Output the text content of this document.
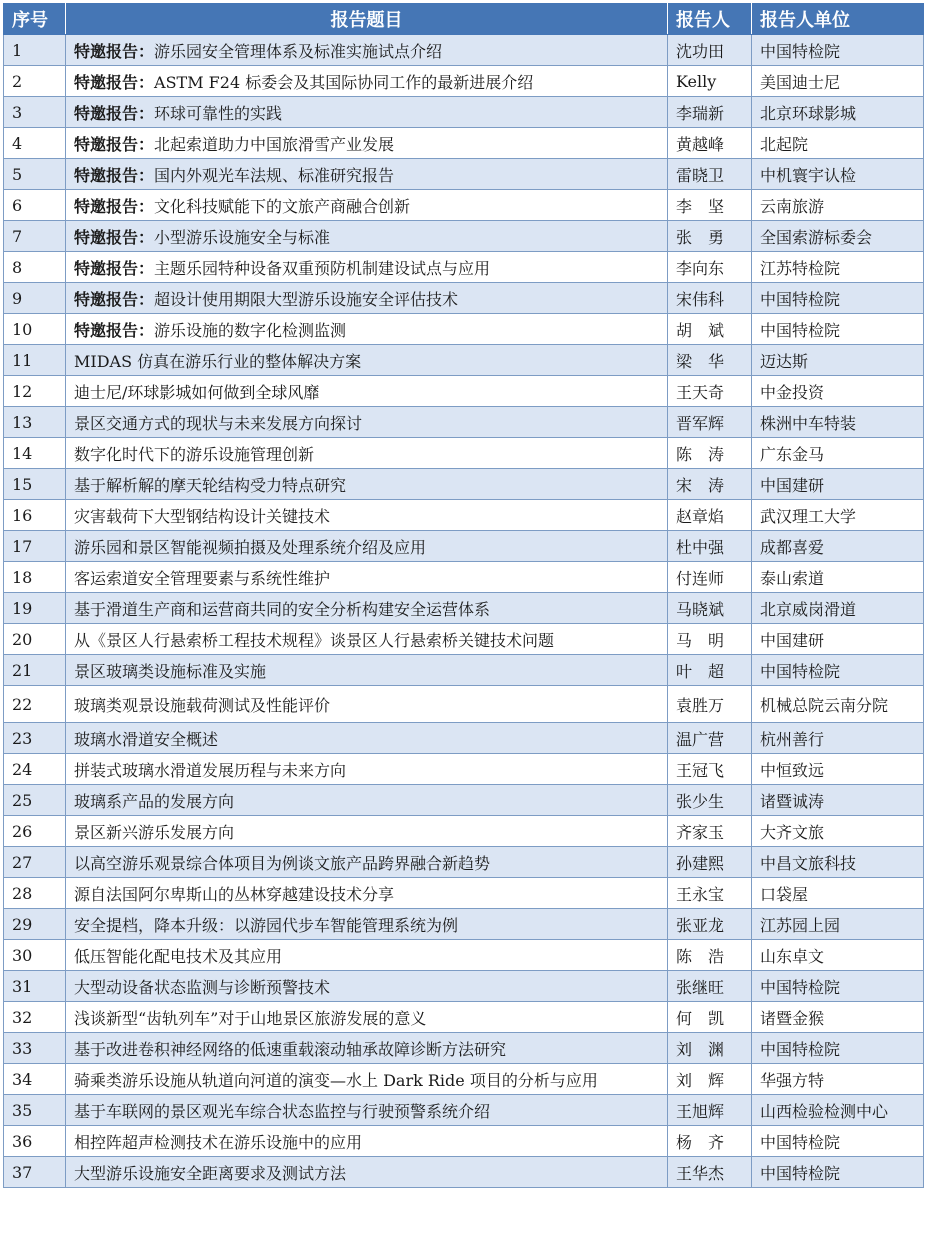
序号	报告题目	报告人	报告人单位
1	特邀报告：游乐园安全管理体系及标准实施试点介绍	沈功田	中国特检院
2	特邀报告：ASTM F24 标委会及其国际协同工作的最新进展介绍	Kelly	美国迪士尼
3	特邀报告：环球可靠性的实践	李瑞新	北京环球影城
4	特邀报告：北起索道助力中国旅滑雪产业发展	黄越峰	北起院
5	特邀报告：国内外观光车法规、标准研究报告	雷晓卫	中机寰宇认检
6	特邀报告：文化科技赋能下的文旅产商融合创新	李　坚	云南旅游
7	特邀报告：小型游乐设施安全与标准	张　勇	全国索游标委会
8	特邀报告：主题乐园特种设备双重预防机制建设试点与应用	李向东	江苏特检院
9	特邀报告：超设计使用期限大型游乐设施安全评估技术	宋伟科	中国特检院
10	特邀报告：游乐设施的数字化检测监测	胡　斌	中国特检院
11	MIDAS 仿真在游乐行业的整体解决方案	梁　华	迈达斯
12	迪士尼/环球影城如何做到全球风靡	王天奇	中金投资
13	景区交通方式的现状与未来发展方向探讨	晋军辉	株洲中车特装
14	数字化时代下的游乐设施管理创新	陈　涛	广东金马
15	基于解析解的摩天轮结构受力特点研究	宋　涛	中国建研
16	灾害载荷下大型钢结构设计关键技术	赵章焰	武汉理工大学
17	游乐园和景区智能视频拍摄及处理系统介绍及应用	杜中强	成都喜爱
18	客运索道安全管理要素与系统性维护	付连师	泰山索道
19	基于滑道生产商和运营商共同的安全分析构建安全运营体系	马晓斌	北京威岗滑道
20	从《景区人行悬索桥工程技术规程》谈景区人行悬索桥关键技术问题	马　明	中国建研
21	景区玻璃类设施标准及实施	叶　超	中国特检院
22	玻璃类观景设施载荷测试及性能评价	袁胜万	机械总院云南分院
23	玻璃水滑道安全概述	温广营	杭州善行
24	拼装式玻璃水滑道发展历程与未来方向	王冠飞	中恒致远
25	玻璃系产品的发展方向	张少生	诸暨诚涛
26	景区新兴游乐发展方向	齐家玉	大齐文旅
27	以高空游乐观景综合体项目为例谈文旅产品跨界融合新趋势	孙建熙	中昌文旅科技
28	源自法国阿尔卑斯山的丛林穿越建设技术分享	王永宝	口袋屋
29	安全提档，降本升级：以游园代步车智能管理系统为例	张亚龙	江苏园上园
30	低压智能化配电技术及其应用	陈　浩	山东卓文
31	大型动设备状态监测与诊断预警技术	张继旺	中国特检院
32	浅谈新型“齿轨列车”对于山地景区旅游发展的意义	何　凯	诸暨金猴
33	基于改进卷积神经网络的低速重载滚动轴承故障诊断方法研究	刘　渊	中国特检院
34	骑乘类游乐设施从轨道向河道的演变—水上 Dark Ride 项目的分析与应用	刘　辉	华强方特
35	基于车联网的景区观光车综合状态监控与行驶预警系统介绍	王旭辉	山西检验检测中心
36	相控阵超声检测技术在游乐设施中的应用	杨　齐	中国特检院
37	大型游乐设施安全距离要求及测试方法	王华杰	中国特检院
